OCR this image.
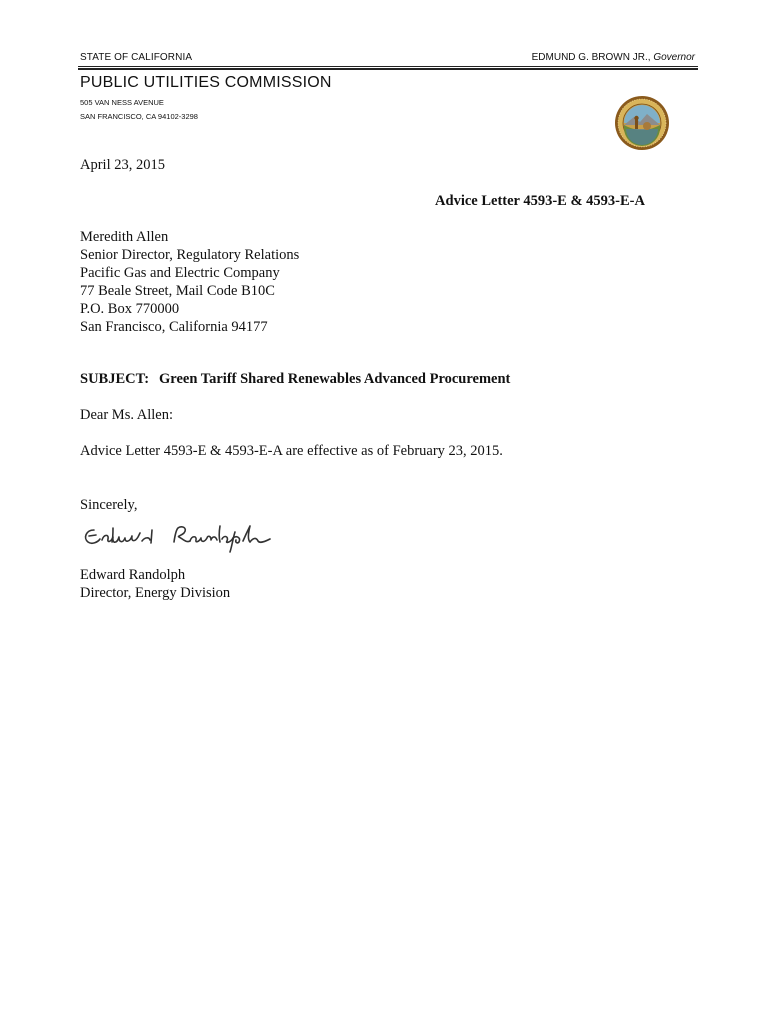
STATE OF CALIFORNIA	EDMUND G. BROWN JR., Governor
PUBLIC UTILITIES COMMISSION
505 VAN NESS AVENUE
SAN FRANCISCO, CA 94102-3298
April 23, 2015
Advice Letter 4593-E & 4593-E-A
Meredith Allen
Senior Director, Regulatory Relations
Pacific Gas and Electric Company
77 Beale Street, Mail Code B10C
P.O. Box 770000
San Francisco, California 94177
SUBJECT: Green Tariff Shared Renewables Advanced Procurement
Dear Ms. Allen:
Advice Letter 4593-E & 4593-E-A are effective as of February 23, 2015.
Sincerely,
Edward Randolph
Director, Energy Division
